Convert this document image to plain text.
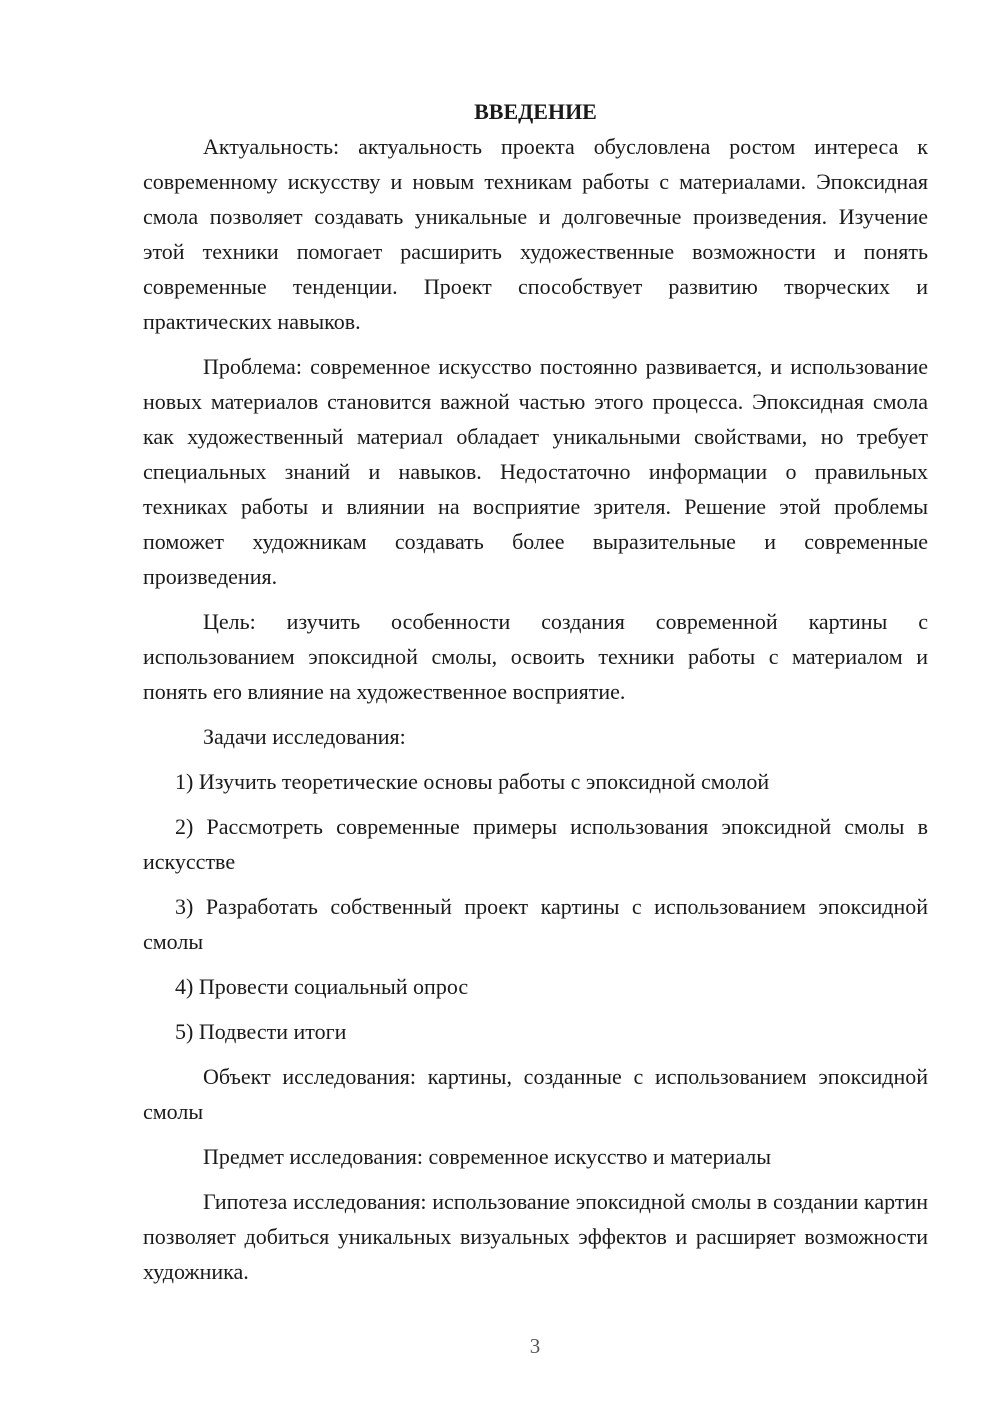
ВВЕДЕНИЕ

Актуальность: актуальность проекта обусловлена ростом интереса к современному искусству и новым техникам работы с материалами. Эпоксидная смола позволяет создавать уникальные и долговечные произведения. Изучение этой техники помогает расширить художественные возможности и понять современные тенденции. Проект способствует развитию творческих и практических навыков.

Проблема: современное искусство постоянно развивается, и использование новых материалов становится важной частью этого процесса. Эпоксидная смола как художественный материал обладает уникальными свойствами, но требует специальных знаний и навыков. Недостаточно информации о правильных техниках работы и влиянии на восприятие зрителя. Решение этой проблемы поможет художникам создавать более выразительные и современные произведения.

Цель: изучить особенности создания современной картины с использованием эпоксидной смолы, освоить техники работы с материалом и понять его влияние на художественное восприятие.

Задачи исследования:

1) Изучить теоретические основы работы с эпоксидной смолой

2) Рассмотреть современные примеры использования эпоксидной смолы в искусстве

3) Разработать собственный проект картины с использованием эпоксидной смолы

4) Провести социальный опрос

5) Подвести итоги

Объект исследования: картины, созданные с использованием эпоксидной смолы

Предмет исследования: современное искусство и материалы

Гипотеза исследования: использование эпоксидной смолы в создании картин позволяет добиться уникальных визуальных эффектов и расширяет возможности художника.

3
